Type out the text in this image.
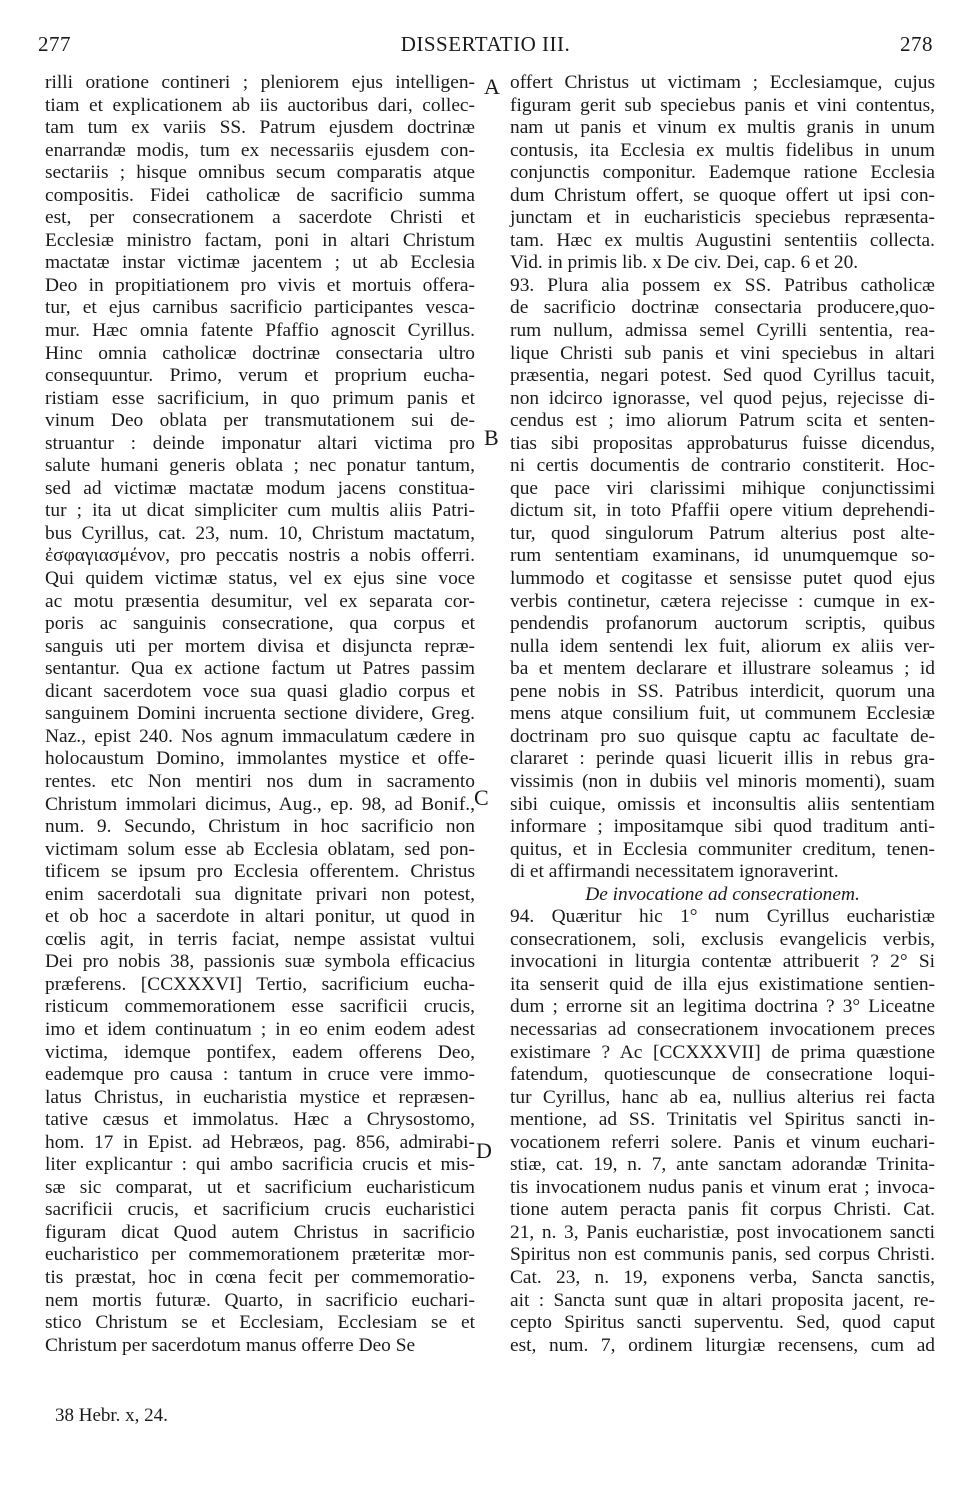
277	DISSERTATIO III.	278
rilli oratione contineri ; pleniorem ejus intelligen-
tiam et explicationem ab iis auctoribus dari, collec-
tam tum ex variis SS. Patrum ejusdem doctrinæ
enarrandæ modis, tum ex necessariis ejusdem con-
sectariis ; hisque omnibus secum comparatis atque
compositis. Fidei catholicæ de sacrificio summa
est, per consecrationem a sacerdote Christi et
Ecclesiæ ministro factam, poni in altari Christum
mactatæ instar victimæ jacentem ; ut ab Ecclesia
Deo in propitiationem pro vivis et mortuis offera-
tur, et ejus carnibus sacrificio participantes vesca-
mur. Hæc omnia fatente Pfaffio agnoscit Cyrillus.
Hinc omnia catholicæ doctrinæ consectaria ultro
consequuntur. Primo, verum et proprium eucha-
ristiam esse sacrificium, in quo primum panis et
vinum Deo oblata per transmutationem sui de-
struantur : deinde imponatur altari victima pro
salute humani generis oblata ; nec ponatur tantum,
sed ad victimæ mactatæ modum jacens constitua-
tur ; ita ut dicat simpliciter cum multis aliis Patri-
bus Cyrillus, cat. 23, num. 10, Christum mactatum,
ἐσφαγιασμένον, pro peccatis nostris a nobis offerri.
Qui quidem victimæ status, vel ex ejus sine voce
ac motu præsentia desumitur, vel ex separata cor-
poris ac sanguinis consecratione, qua corpus et
sanguis uti per mortem divisa et disjuncta repræ-
sentantur. Qua ex actione factum ut Patres passim
dicant sacerdotem voce sua quasi gladio corpus et
sanguinem Domini incruenta sectione dividere, Greg.
Naz., epist 240. Nos agnum immaculatum cædere in
holocaustum Domino, immolantes mystice et offe-
rentes. etc Non mentiri nos dum in sacramento
Christum immolari dicimus, Aug., ep. 98, ad Bonif.,
num. 9. Secundo, Christum in hoc sacrificio non
victimam solum esse ab Ecclesia oblatam, sed pon-
tificem se ipsum pro Ecclesia offerentem. Christus
enim sacerdotali sua dignitate privari non potest,
et ob hoc a sacerdote in altari ponitur, ut quod in
cœlis agit, in terris faciat, nempe assistat vultui
Dei pro nobis 38, passionis suæ symbola efficacius
præferens. [CCXXXVI] Tertio, sacrificium eucha-
risticum commemorationem esse sacrificii crucis,
imo et idem continuatum ; in eo enim eodem adest
victima, idemque pontifex, eadem offerens Deo,
eademque pro causa : tantum in cruce vere immo-
latus Christus, in eucharistia mystice et repræsen-
tative cæsus et immolatus. Hæc a Chrysostomo,
hom. 17 in Epist. ad Hebræos, pag. 856, admirabi-
liter explicantur : qui ambo sacrificia crucis et mis-
sæ sic comparat, ut et sacrificium eucharisticum
sacrificii crucis, et sacrificium crucis eucharistici
figuram dicat Quod autem Christus in sacrificio
eucharistico per commemorationem præteritæ mor-
tis præstat, hoc in cœna fecit per commemoratio-
nem mortis futuræ. Quarto, in sacrificio euchari-
stico Christum se et Ecclesiam, Ecclesiam se et
Christum per sacerdotum manus offerre Deo Se
offert Christus ut victimam ; Ecclesiamque, cujus
figuram gerit sub speciebus panis et vini contentus,
nam ut panis et vinum ex multis granis in unum
contusis, ita Ecclesia ex multis fidelibus in unum
conjunctis componitur. Eademque ratione Ecclesia
dum Christum offert, se quoque offert ut ipsi con-
junctam et in eucharisticis speciebus repræsenta-
tam. Hæc ex multis Augustini sententiis collecta.
Vid. in primis lib. x De civ. Dei, cap. 6 et 20.
93. Plura alia possem ex SS. Patribus catholicæ
de sacrificio doctrinæ consectaria producere,quo-
rum nullum, admissa semel Cyrilli sententia, rea-
lique Christi sub panis et vini speciebus in altari
præsentia, negari potest. Sed quod Cyrillus tacuit,
non idcirco ignorasse, vel quod pejus, rejecisse di-
cendus est ; imo aliorum Patrum scita et senten-
tias sibi propositas approbaturus fuisse dicendus,
ni certis documentis de contrario constiterit. Hoc-
que pace viri clarissimi mihique conjunctissimi
dictum sit, in toto Pfaffii opere vitium deprehendi-
tur, quod singulorum Patrum alterius post alte-
rum sententiam examinans, id unumquemque so-
lummodo et cogitasse et sensisse putet quod ejus
verbis continetur, cætera rejecisse : cumque in ex-
pendendis profanorum auctorum scriptis, quibus
nulla idem sentendi lex fuit, aliorum ex aliis ver-
ba et mentem declarare et illustrare soleamus ; id
pene nobis in SS. Patribus interdicit, quorum una
mens atque consilium fuit, ut communem Ecclesiæ
doctrinam pro suo quisque captu ac facultate de-
clararet : perinde quasi licuerit illis in rebus gra-
vissimis (non in dubiis vel minoris momenti), suam
sibi cuique, omissis et inconsultis aliis sententiam
informare ; impositamque sibi quod traditum anti-
quitus, et in Ecclesia communiter creditum, tenen-
di et affirmandi necessitatem ignoraverint.
De invocatione ad consecrationem.
94. Quæritur hic 1° num Cyrillus eucharistiæ
consecrationem, soli, exclusis evangelicis verbis,
invocationi in liturgia contentæ attribuerit ? 2° Si
ita senserit quid de illa ejus existimatione sentien-
dum ; errorne sit an legitima doctrina ? 3° Liceatne
necessarias ad consecrationem invocationem preces
existimare ? Ac [CCXXXVII] de prima quæstione
fatendum, quotiescunque de consecratione loqui-
tur Cyrillus, hanc ab ea, nullius alterius rei facta
mentione, ad SS. Trinitatis vel Spiritus sancti in-
vocationem referri solere. Panis et vinum euchari-
stiæ, cat. 19, n. 7, ante sanctam adorandæ Trinita-
tis invocationem nudus panis et vinum erat ; invoca-
tione autem peracta panis fit corpus Christi. Cat.
21, n. 3, Panis eucharistiæ, post invocationem sancti
Spiritus non est communis panis, sed corpus Christi.
Cat. 23, n. 19, exponens verba, Sancta sanctis,
ait : Sancta sunt quæ in altari proposita jacent, re-
cepto Spiritus sancti superventu. Sed, quod caput
est, num. 7, ordinem liturgiæ recensens, cum ad
A
B
C
D
38 Hebr. x, 24.
